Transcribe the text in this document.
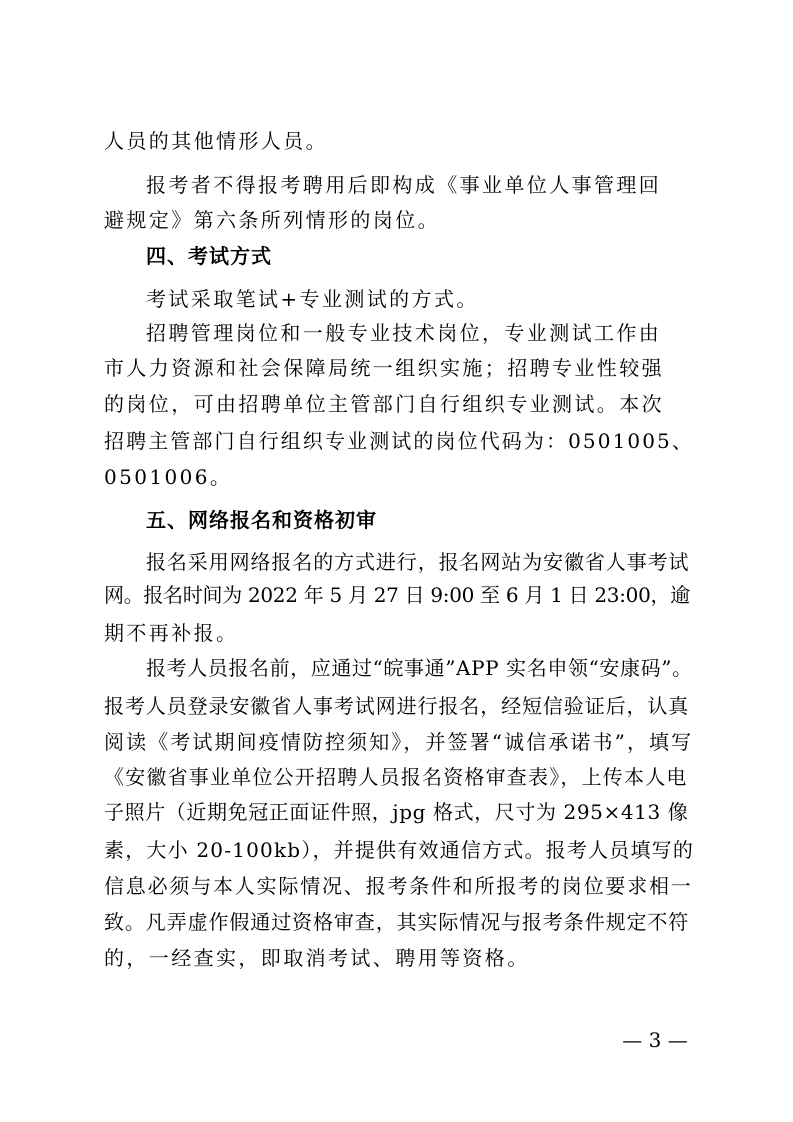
人员的其他情形人员。
报考者不得报考聘用后即构成《事业单位人事管理回
避规定》第六条所列情形的岗位。
四、考试方式
考试采取笔试+专业测试的方式。
招聘管理岗位和一般专业技术岗位，专业测试工作由
市人力资源和社会保障局统一组织实施；招聘专业性较强
的岗位，可由招聘单位主管部门自行组织专业测试。本次
招聘主管部门自行组织专业测试的岗位代码为：0501005、
0501006。
五、网络报名和资格初审
报名采用网络报名的方式进行，报名网站为安徽省人事考试
网。报名时间为 2022 年 5 月 27 日 9:00 至 6 月 1 日 23:00，逾
期不再补报。
报考人员报名前，应通过“皖事通”APP 实名申领“安康码”。
报考人员登录安徽省人事考试网进行报名，经短信验证后，认真
阅读《考试期间疫情防控须知》，并签署“诚信承诺书”，填写
《安徽省事业单位公开招聘人员报名资格审查表》，上传本人电
子照片（近期免冠正面证件照，jpg 格式，尺寸为 295×413 像
素，大小 20-100kb），并提供有效通信方式。报考人员填写的
信息必须与本人实际情况、报考条件和所报考的岗位要求相一
致。凡弄虚作假通过资格审查，其实际情况与报考条件规定不符
的，一经查实，即取消考试、聘用等资格。
— 3 —
